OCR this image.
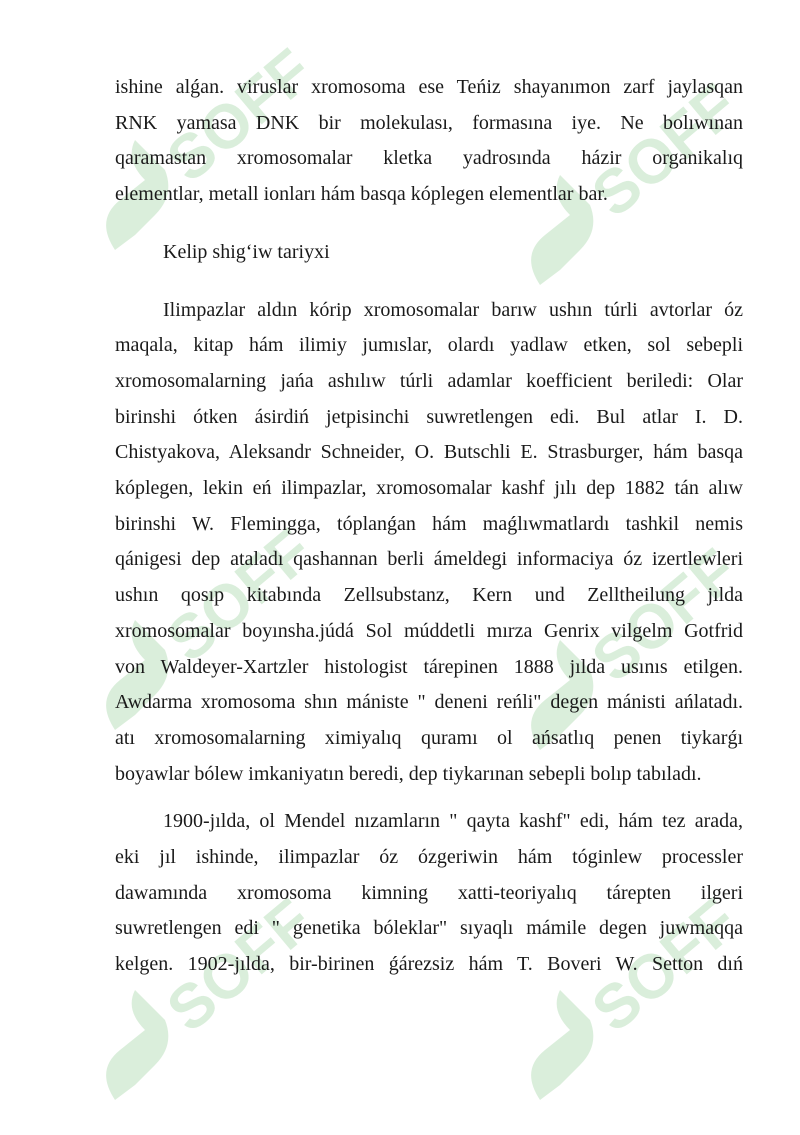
SOFF	SOFF
SOFF	SOFF
SOFF	SOFF

ishine alǵan. viruslar xromosoma ese Teńiz shayanımon zarf jaylasqan
RNK yamasa DNK bir molekulası, formasına iye. Ne bolıwınan
qaramastan xromosomalar kletka yadrosında házir organikalıq
elementlar, metall ionları hám basqa kóplegen elementlar bar.

Kelip shig‘iw tariyxi

Ilimpazlar aldın kórip xromosomalar barıw ushın túrli avtorlar óz
maqala, kitap hám ilimiy jumıslar, olardı yadlaw etken, sol sebepli
xromosomalarning jańa ashılıw túrli adamlar koefficient beriledi: Olar
birinshi ótken ásirdiń jetpisinchi suwretlengen edi. Bul atlar I. D.
Chistyakova, Aleksandr Schneider, O. Butschli E. Strasburger, hám basqa
kóplegen, lekin eń ilimpazlar, xromosomalar kashf jılı dep 1882 tán alıw
birinshi W. Flemingga, tóplanǵan hám maǵlıwmatlardı tashkil nemis
qánigesi dep ataladı qashannan berli ámeldegi informaciya óz izertlewleri
ushın qosıp kitabında Zellsubstanz, Kern und Zelltheilung jılda
xromosomalar boyınsha.júdá Sol múddetli mırza Genrix vilgelm Gotfrid
von Waldeyer-Xartzler histologist tárepinen 1888 jılda usınıs etilgen.
Awdarma xromosoma shın mániste " deneni reńli" degen mánisti ańlatadı.
atı xromosomalarning ximiyalıq quramı ol ańsatlıq penen tiykarǵı
boyawlar bólew imkaniyatın beredi, dep tiykarınan sebepli bolıp tabıladı.

1900-jılda, ol Mendel nızamların " qayta kashf" edi, hám tez arada,
eki jıl ishinde, ilimpazlar óz ózgeriwin hám tóginlew processler
dawamında xromosoma kimning xatti-teoriyalıq tárepten ilgeri
suwretlengen edi " genetika bóleklar" sıyaqlı mámile degen juwmaqqa
kelgen. 1902-jılda, bir-birinen ǵárezsiz hám T. Boveri W. Setton dıń
